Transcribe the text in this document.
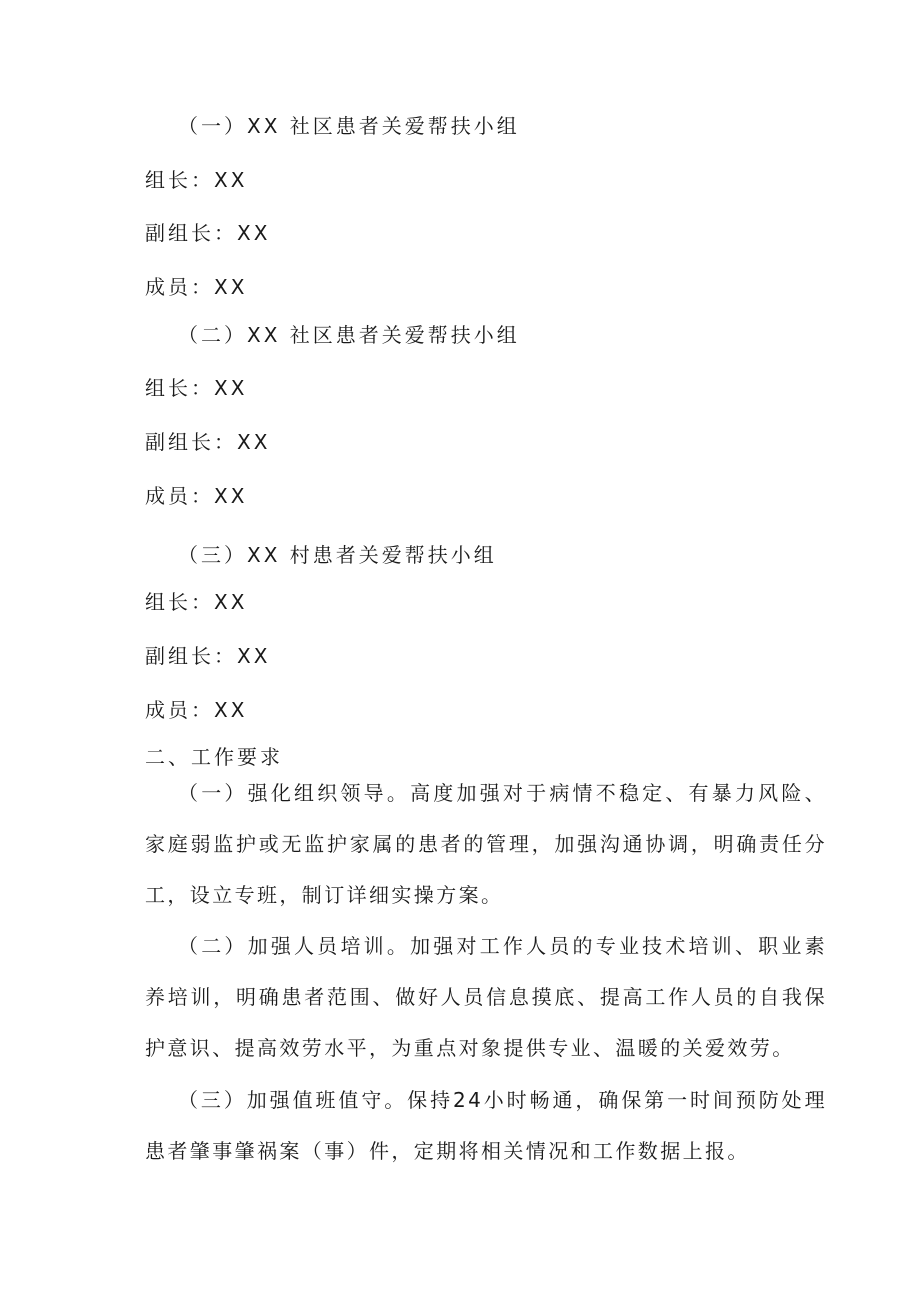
（一）XX 社区患者关爱帮扶小组
组长：XX
副组长：XX
成员：XX
（二）XX 社区患者关爱帮扶小组
组长：XX
副组长：XX
成员：XX
（三）XX 村患者关爱帮扶小组
组长：XX
副组长：XX
成员：XX
二、工作要求

（一）强化组织领导。高度加强对于病情不稳定、有暴力风险、家庭弱监护或无监护家属的患者的管理，加强沟通协调，明确责任分工，设立专班，制订详细实操方案。

（二）加强人员培训。加强对工作人员的专业技术培训、职业素养培训，明确患者范围、做好人员信息摸底、提高工作人员的自我保护意识、提高效劳水平，为重点对象提供专业、温暖的关爱效劳。

（三）加强值班值守。保持24小时畅通，确保第一时间预防处理患者肇事肇祸案（事）件，定期将相关情况和工作数据上报。
